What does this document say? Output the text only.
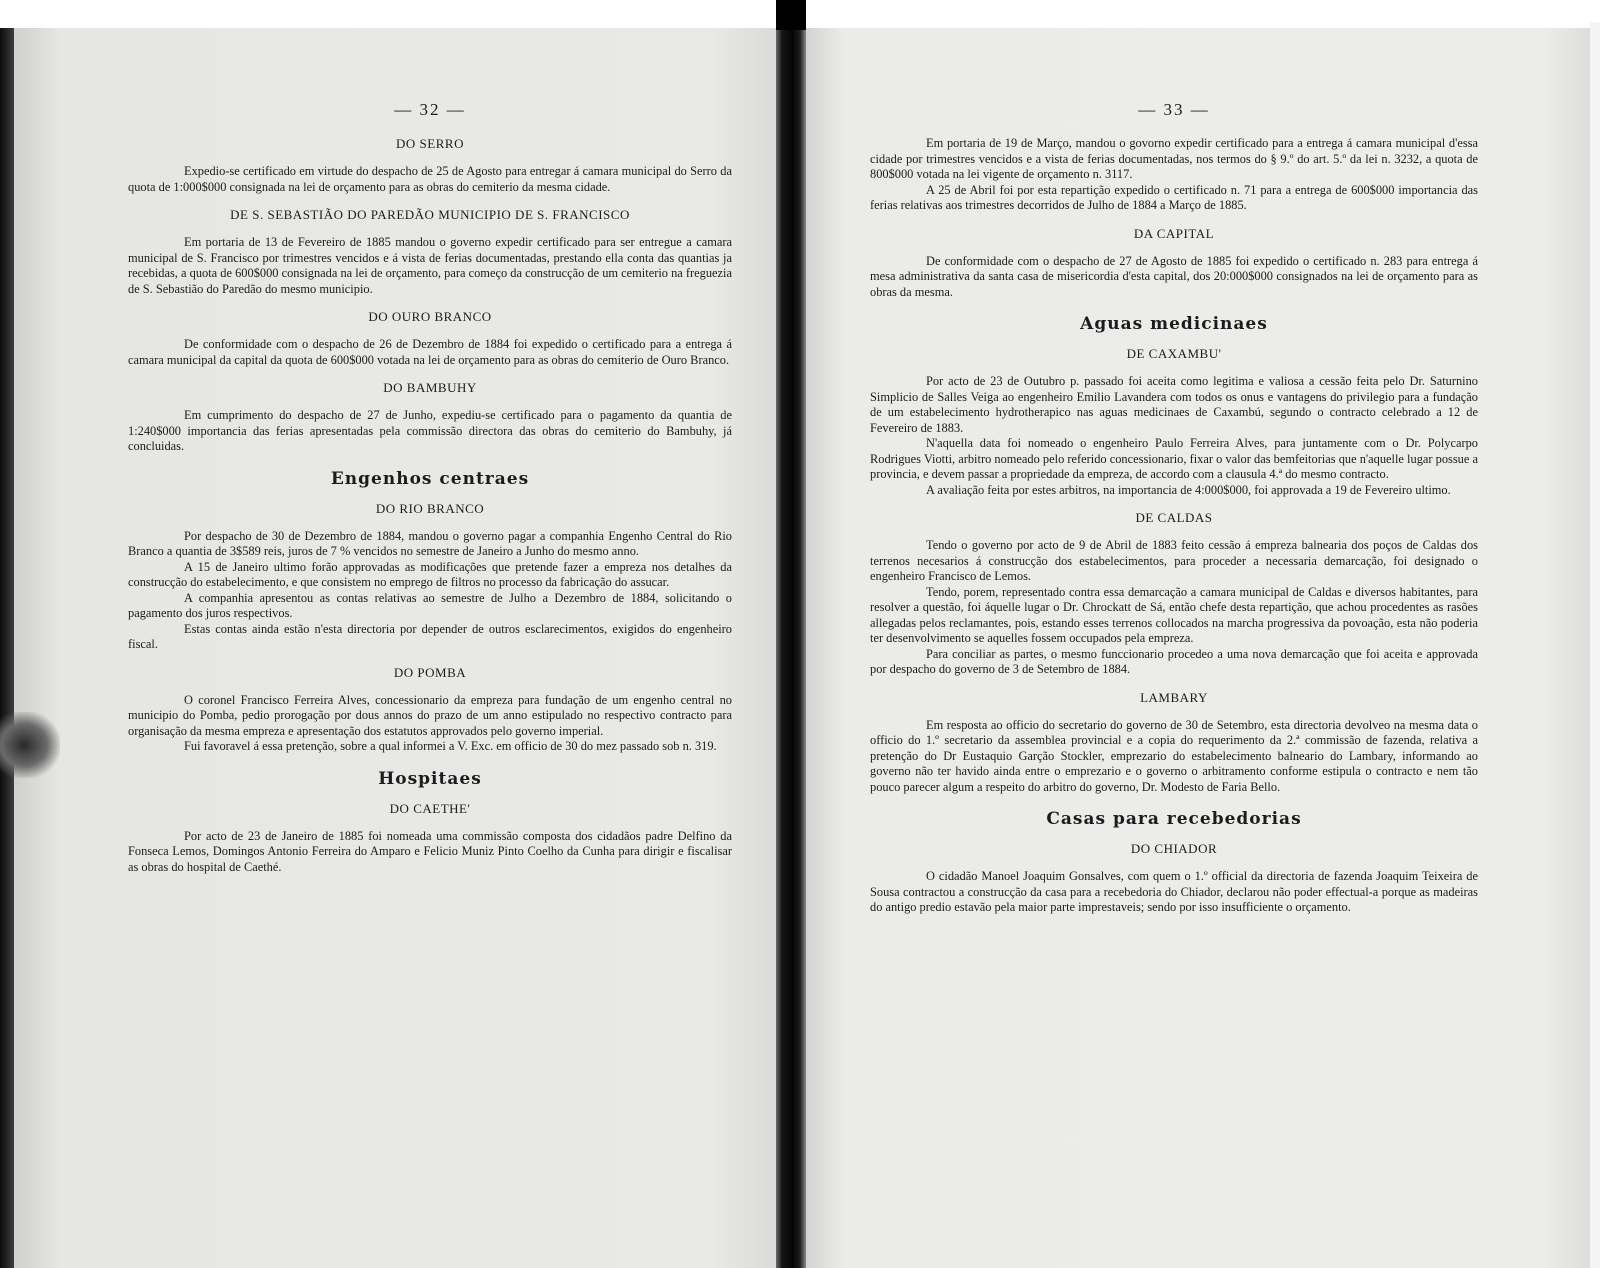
— 32 —
DO SERRO

Expedio-se certificado em virtude do despacho de 25 de Agosto para entregar á camara municipal do Serro da quota de 1:000$000 consignada na lei de orçamento para as obras do cemiterio da mesma cidade.

DE S. SEBASTIÃO DO PAREDÃO MUNICIPIO DE S. FRANCISCO

Em portaria de 13 de Fevereiro de 1885 mandou o governo expedir certificado para ser entregue a camara municipal de S. Francisco por trimestres vencidos e á vista de ferias documentadas, prestando ella conta das quantias ja recebidas, a quota de 600$000 consignada na lei de orçamento, para começo da construcção de um cemiterio na freguezia de S. Sebastião do Paredão do mesmo municipio.

DO OURO BRANCO

De conformidade com o despacho de 26 de Dezembro de 1884 foi expedido o certificado para a entrega á camara municipal da capital da quota de 600$000 votada na lei de orçamento para as obras do cemiterio de Ouro Branco.

DO BAMBUHY

Em cumprimento do despacho de 27 de Junho, expediu-se certificado para o pagamento da quantia de 1:240$000 importancia das ferias apresentadas pela commissão directora das obras do cemiterio do Bambuhy, já concluidas.

Engenhos centraes
DO RIO BRANCO

Por despacho de 30 de Dezembro de 1884, mandou o governo pagar a companhia Engenho Central do Rio Branco a quantia de 3$589 reis, juros de 7 % vencidos no semestre de Janeiro a Junho do mesmo anno.

A 15 de Janeiro ultimo forão approvadas as modificações que pretende fazer a empreza nos detalhes da construcção do estabelecimento, e que consistem no emprego de filtros no processo da fabricação do assucar.

A companhia apresentou as contas relativas ao semestre de Julho a Dezembro de 1884, solicitando o pagamento dos juros respectivos.

Estas contas ainda estão n'esta directoria por depender de outros esclarecimentos, exigidos do engenheiro fiscal.

DO POMBA

O coronel Francisco Ferreira Alves, concessionario da empreza para fundação de um engenho central no municipio do Pomba, pedio prorogação por dous annos do prazo de um anno estipulado no respectivo contracto para organisação da mesma empreza e apresentação dos estatutos approvados pelo governo imperial.

Fui favoravel á essa pretenção, sobre a qual informei a V. Exc. em officio de 30 do mez passado sob n. 319.

Hospitaes
DO CAETHE'

Por acto de 23 de Janeiro de 1885 foi nomeada uma commissão composta dos cidadãos padre Delfino da Fonseca Lemos, Domingos Antonio Ferreira do Amparo e Felicio Muniz Pinto Coelho da Cunha para dirigir e fiscalisar as obras do hospital de Caethé.

— 33 —

Em portaria de 19 de Março, mandou o govorno expedir certificado para a entrega á camara municipal d'essa cidade por trimestres vencidos e a vista de ferias documentadas, nos termos do § 9.º do art. 5.º da lei n. 3232, a quota de 800$000 votada na lei vigente de orçamento n. 3117.

A 25 de Abril foi por esta repartição expedido o certificado n. 71 para a entrega de 600$000 importancia das ferias relativas aos trimestres decorridos de Julho de 1884 a Março de 1885.

DA CAPITAL

De conformidade com o despacho de 27 de Agosto de 1885 foi expedido o certificado n. 283 para entrega á mesa administrativa da santa casa de misericordia d'esta capital, dos 20:000$000 consignados na lei de orçamento para as obras da mesma.

Aguas medicinaes
DE CAXAMBU'

Por acto de 23 de Outubro p. passado foi aceita como legitima e valiosa a cessão feita pelo Dr. Saturnino Simplicio de Salles Veiga ao engenheiro Emilio Lavandera com todos os onus e vantagens do privilegio para a fundação de um estabelecimento hydrotherapico nas aguas medicinaes de Caxambú, segundo o contracto celebrado a 12 de Fevereiro de 1883.

N'aquella data foi nomeado o engenheiro Paulo Ferreira Alves, para juntamente com o Dr. Polycarpo Rodrigues Viotti, arbitro nomeado pelo referido concessionario, fixar o valor das bemfeitorias que n'aquelle lugar possue a provincia, e devem passar a propriedade da empreza, de accordo com a clausula 4.ª do mesmo contracto.

A avaliação feita por estes arbitros, na importancia de 4:000$000, foi approvada a 19 de Fevereiro ultimo.

DE CALDAS

Tendo o governo por acto de 9 de Abril de 1883 feito cessão á empreza balnearia dos poços de Caldas dos terrenos necesarios á construcção dos estabelecimentos, para proceder a necessaria demarcação, foi designado o engenheiro Francisco de Lemos.

Tendo, porem, representado contra essa demarcação a camara municipal de Caldas e diversos habitantes, para resolver a questão, foi áquelle lugar o Dr. Chrockatt de Sá, então chefe desta repartição, que achou procedentes as rasões allegadas pelos reclamantes, pois, estando esses terrenos collocados na marcha progressiva da povoação, esta não poderia ter desenvolvimento se aquelles fossem occupados pela empreza.

Para conciliar as partes, o mesmo funccionario procedeo a uma nova demarcação que foi aceita e approvada por despacho do governo de 3 de Setembro de 1884.

LAMBARY

Em resposta ao officio do secretario do governo de 30 de Setembro, esta directoria devolveo na mesma data o officio do 1.º secretario da assemblea provincial e a copia do requerimento da 2.ª commissão de fazenda, relativa a pretenção do Dr Eustaquio Garção Stockler, emprezario do estabelecimento balneario do Lambary, informando ao governo não ter havido ainda entre o emprezario e o governo o arbitramento conforme estipula o contracto e nem tão pouco parecer algum a respeito do arbitro do governo, Dr. Modesto de Faria Bello.

Casas para recebedorias
DO CHIADOR

O cidadão Manoel Joaquim Gonsalves, com quem o 1.º official da directoria de fazenda Joaquim Teixeira de Sousa contractou a construcção da casa para a recebedoria do Chiador, declarou não poder effectual-a porque as madeiras do antigo predio estavão pela maior parte imprestaveis; sendo por isso insufficiente o orçamento.
